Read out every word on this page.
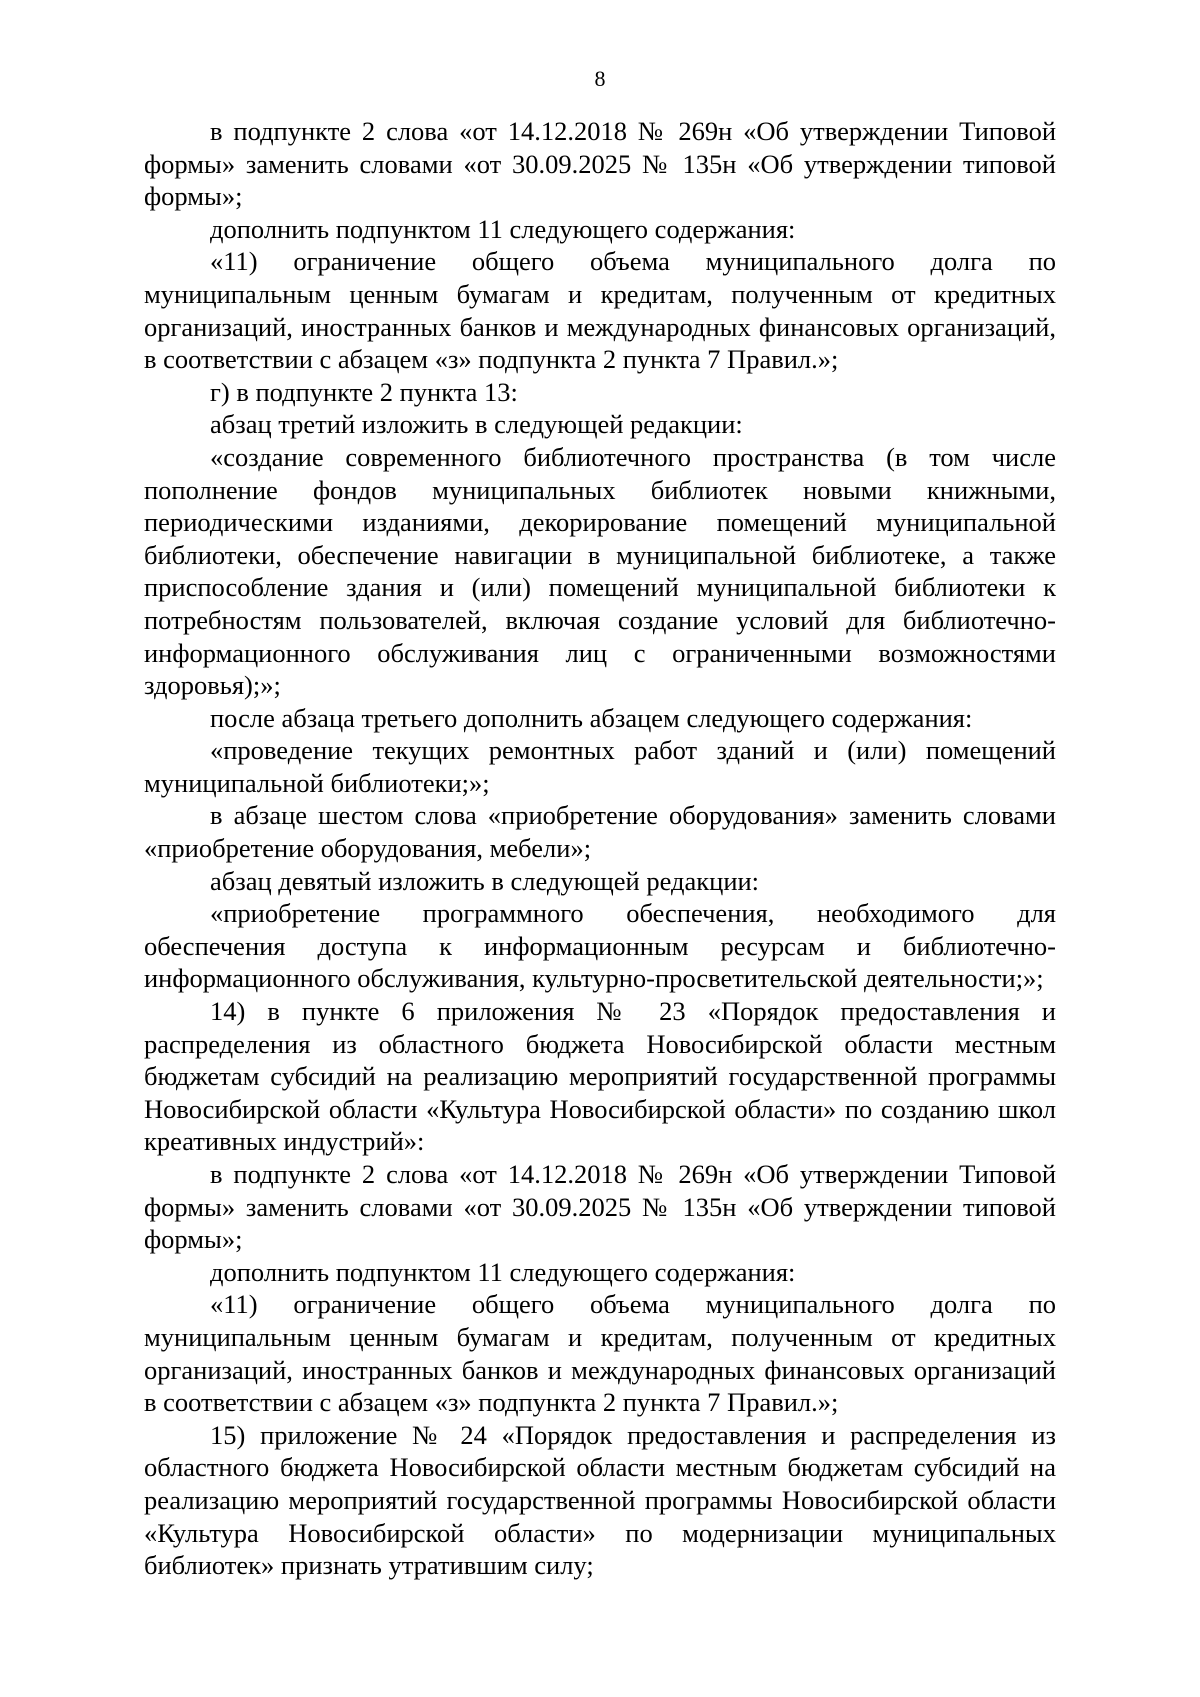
8

в подпункте 2 слова «от 14.12.2018 № 269н «Об утверждении Типовой формы» заменить словами «от 30.09.2025 № 135н «Об утверждении типовой формы»;

дополнить подпунктом 11 следующего содержания:

«11) ограничение общего объема муниципального долга по муниципальным ценным бумагам и кредитам, полученным от кредитных организаций, иностранных банков и международных финансовых организаций, в соответствии с абзацем «з» подпункта 2 пункта 7 Правил.»;

г) в подпункте 2 пункта 13:

абзац третий изложить в следующей редакции:

«создание современного библиотечного пространства (в том числе пополнение фондов муниципальных библиотек новыми книжными, периодическими изданиями, декорирование помещений муниципальной библиотеки, обеспечение навигации в муниципальной библиотеке, а также приспособление здания и (или) помещений муниципальной библиотеки к потребностям пользователей, включая создание условий для библиотечно-информационного обслуживания лиц с ограниченными возможностями здоровья);»;

после абзаца третьего дополнить абзацем следующего содержания:

«проведение текущих ремонтных работ зданий и (или) помещений муниципальной библиотеки;»;

в абзаце шестом слова «приобретение оборудования» заменить словами «приобретение оборудования, мебели»;

абзац девятый изложить в следующей редакции:

«приобретение программного обеспечения, необходимого для обеспечения доступа к информационным ресурсам и библиотечно-информационного обслуживания, культурно-просветительской деятельности;»;

14) в пункте 6 приложения № 23 «Порядок предоставления и распределения из областного бюджета Новосибирской области местным бюджетам субсидий на реализацию мероприятий государственной программы Новосибирской области «Культура Новосибирской области» по созданию школ креативных индустрий»:

в подпункте 2 слова «от 14.12.2018 № 269н «Об утверждении Типовой формы» заменить словами «от 30.09.2025 № 135н «Об утверждении типовой формы»;

дополнить подпунктом 11 следующего содержания:

«11) ограничение общего объема муниципального долга по муниципальным ценным бумагам и кредитам, полученным от кредитных организаций, иностранных банков и международных финансовых организаций в соответствии с абзацем «з» подпункта 2 пункта 7 Правил.»;

15) приложение № 24 «Порядок предоставления и распределения из областного бюджета Новосибирской области местным бюджетам субсидий на реализацию мероприятий государственной программы Новосибирской области «Культура Новосибирской области» по модернизации муниципальных библиотек» признать утратившим силу;
